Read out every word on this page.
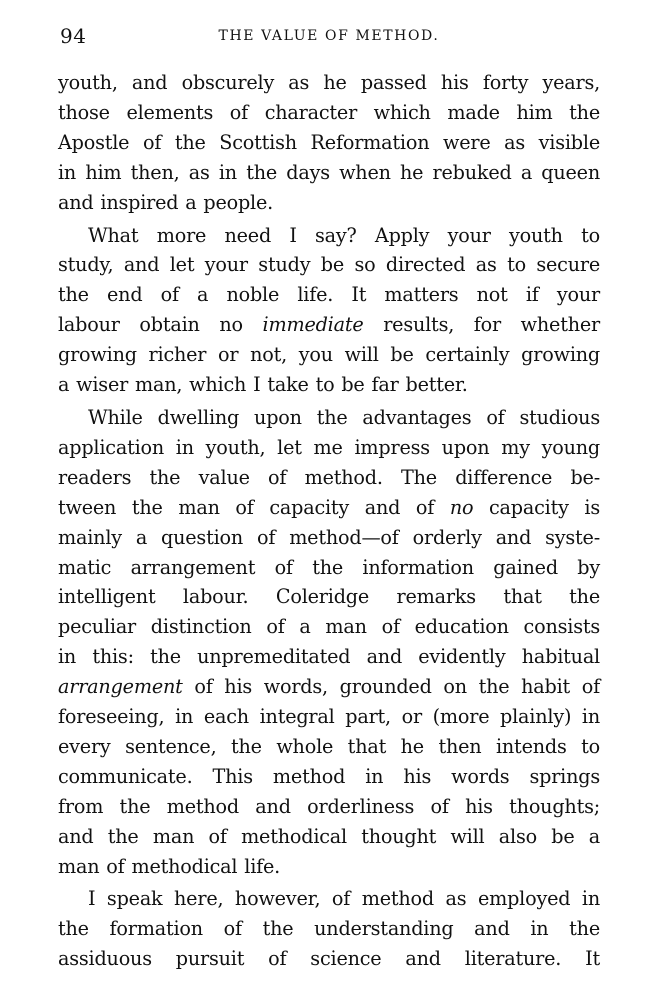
94	THE VALUE OF METHOD.

youth, and obscurely as he passed his forty years,
those elements of character which made him the
Apostle of the Scottish Reformation were as visible
in him then, as in the days when he rebuked a queen
and inspired a people.

What more need I say? Apply your youth to
study, and let your study be so directed as to secure
the end of a noble life. It matters not if your
labour obtain no immediate results, for whether
growing richer or not, you will be certainly growing
a wiser man, which I take to be far better.

While dwelling upon the advantages of studious
application in youth, let me impress upon my young
readers the value of method. The difference be-
tween the man of capacity and of no capacity is
mainly a question of method—of orderly and syste-
matic arrangement of the information gained by
intelligent labour. Coleridge remarks that the
peculiar distinction of a man of education consists
in this: the unpremeditated and evidently habitual
arrangement of his words, grounded on the habit of
foreseeing, in each integral part, or (more plainly) in
every sentence, the whole that he then intends to
communicate. This method in his words springs
from the method and orderliness of his thoughts;
and the man of methodical thought will also be a
man of methodical life.

I speak here, however, of method as employed in
the formation of the understanding and in the
assiduous pursuit of science and literature. It
